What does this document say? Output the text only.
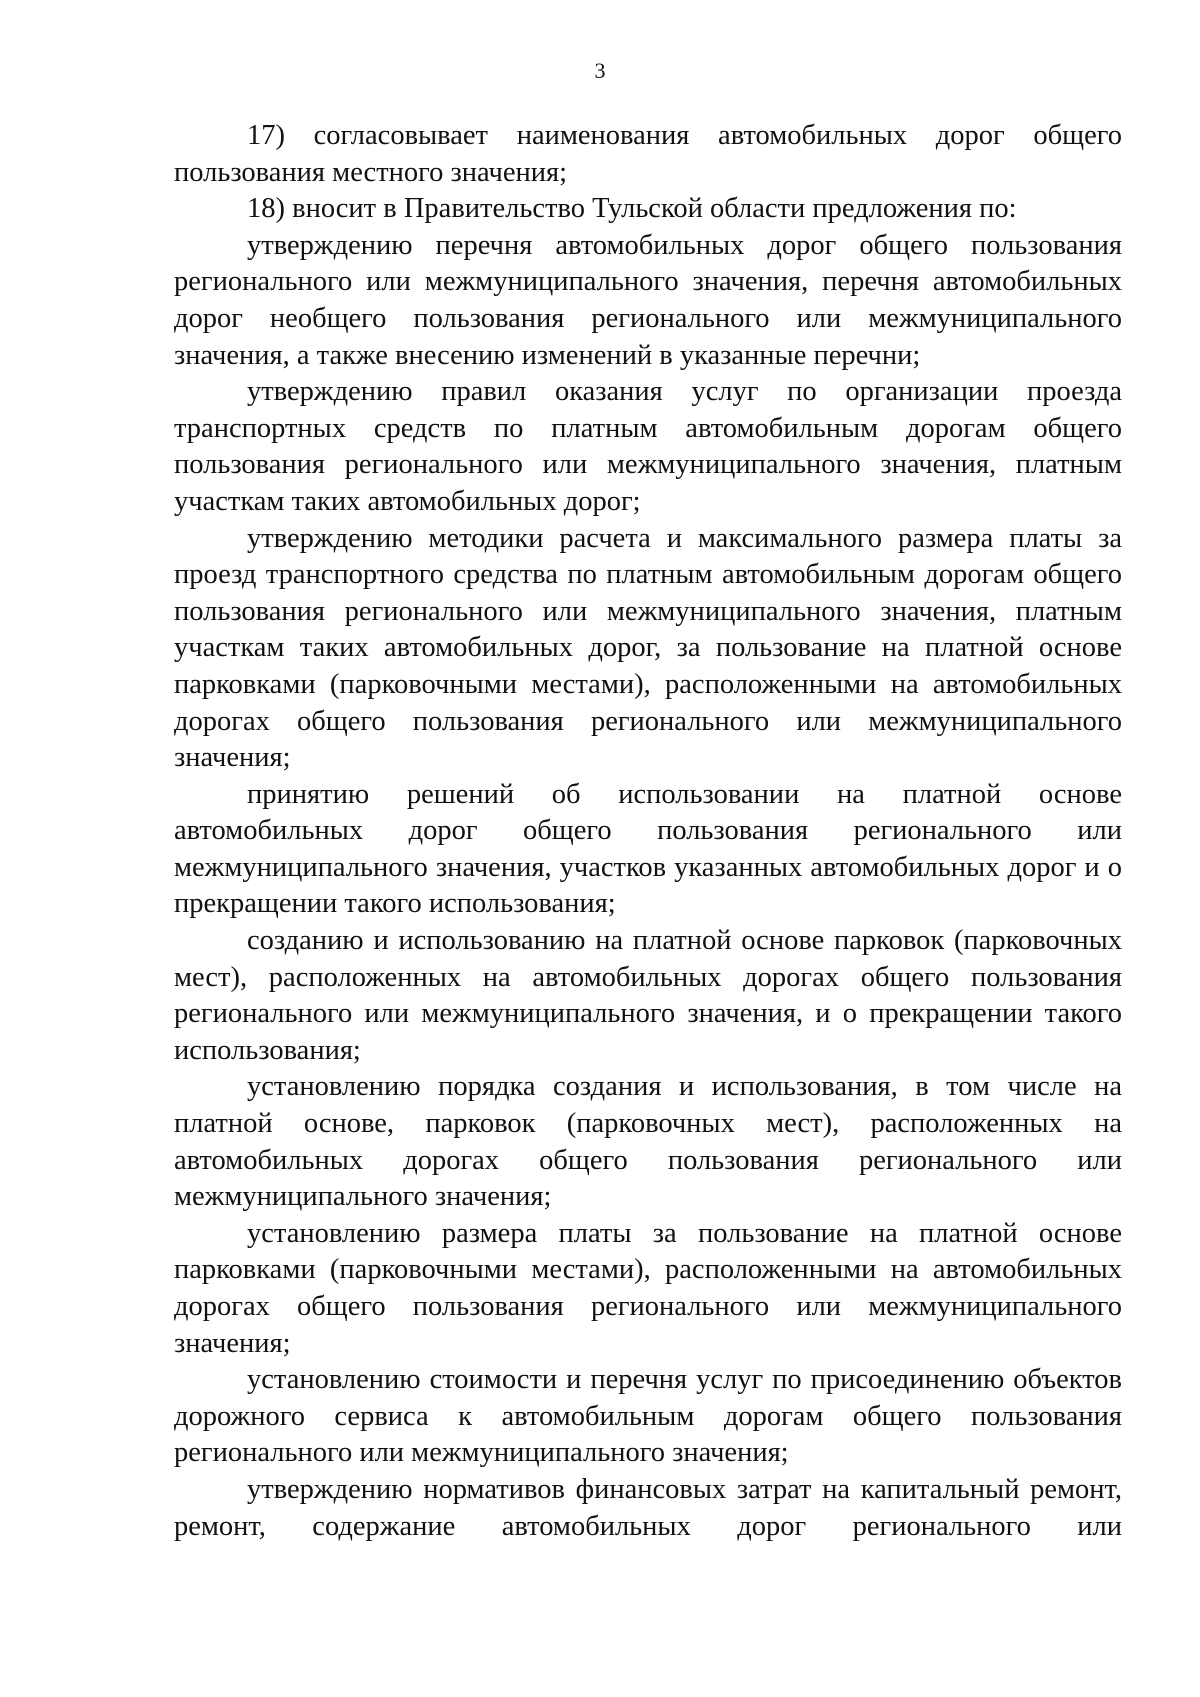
3

17) согласовывает наименования автомобильных дорог общего пользования местного значения;

18) вносит в Правительство Тульской области предложения по:

утверждению перечня автомобильных дорог общего пользования регионального или межмуниципального значения, перечня автомобильных дорог необщего пользования регионального или межмуниципального значения, а также внесению изменений в указанные перечни;

утверждению правил оказания услуг по организации проезда транспортных средств по платным автомобильным дорогам общего пользования регионального или межмуниципального значения, платным участкам таких автомобильных дорог;

утверждению методики расчета и максимального размера платы за проезд транспортного средства по платным автомобильным дорогам общего пользования регионального или межмуниципального значения, платным участкам таких автомобильных дорог, за пользование на платной основе парковками (парковочными местами), расположенными на автомобильных дорогах общего пользования регионального или межмуниципального значения;

принятию решений об использовании на платной основе автомобильных дорог общего пользования регионального или межмуниципального значения, участков указанных автомобильных дорог и о прекращении такого использования;

созданию и использованию на платной основе парковок (парковочных мест), расположенных на автомобильных дорогах общего пользования регионального или межмуниципального значения, и о прекращении такого использования;

установлению порядка создания и использования, в том числе на платной основе, парковок (парковочных мест), расположенных на автомобильных дорогах общего пользования регионального или межмуниципального значения;

установлению размера платы за пользование на платной основе парковками (парковочными местами), расположенными на автомобильных дорогах общего пользования регионального или межмуниципального значения;

установлению стоимости и перечня услуг по присоединению объектов дорожного сервиса к автомобильным дорогам общего пользования регионального или межмуниципального значения;

утверждению нормативов финансовых затрат на капитальный ремонт, ремонт, содержание автомобильных дорог регионального или
